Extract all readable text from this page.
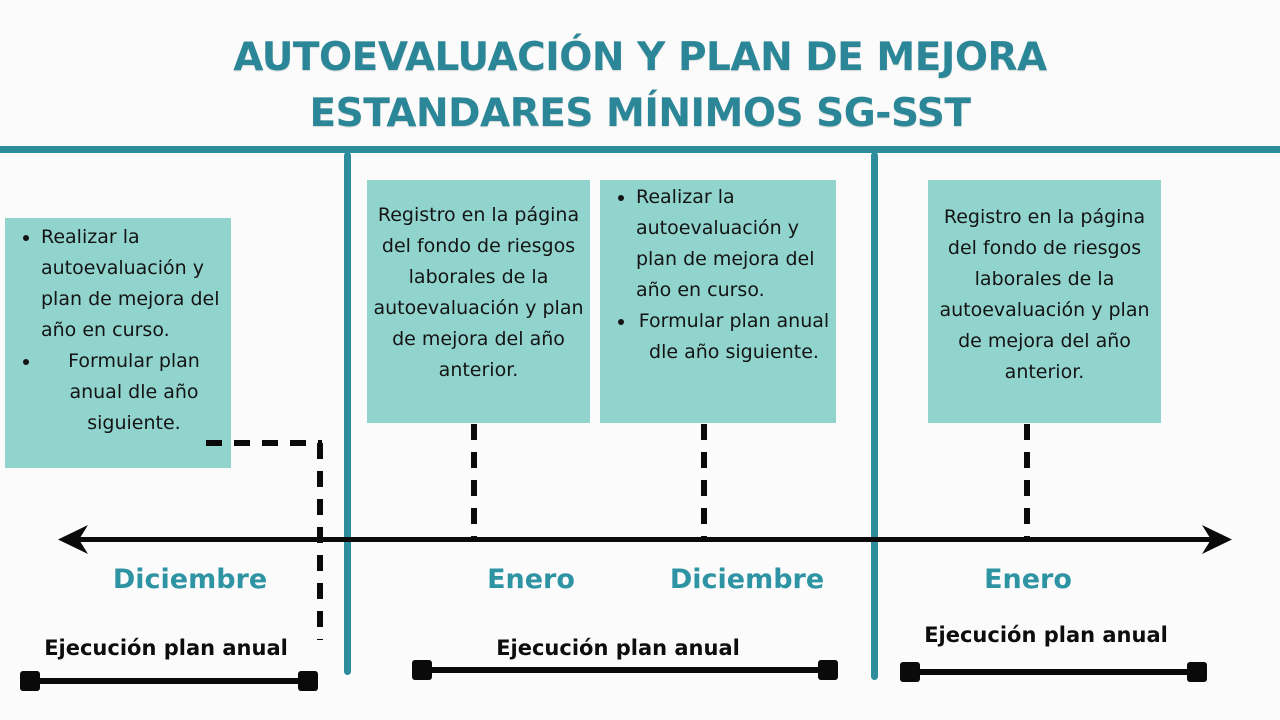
AUTOEVALUACIÓN Y PLAN DE MEJORA
ESTANDARES MÍNIMOS SG-SST
• Realizar la autoevaluación y plan de mejora del año en curso.
• Formular plan anual dle año siguiente.
Registro en la página del fondo de riesgos laborales de la autoevaluación y plan de mejora del año anterior.
• Realizar la autoevaluación y plan de mejora del año en curso.
• Formular plan anual dle año siguiente.
Registro en la página del fondo de riesgos laborales de la autoevaluación y plan de mejora del año anterior.
Diciembre	Enero	Diciembre	Enero
Ejecución plan anual	Ejecución plan anual
Ejecución plan anual
